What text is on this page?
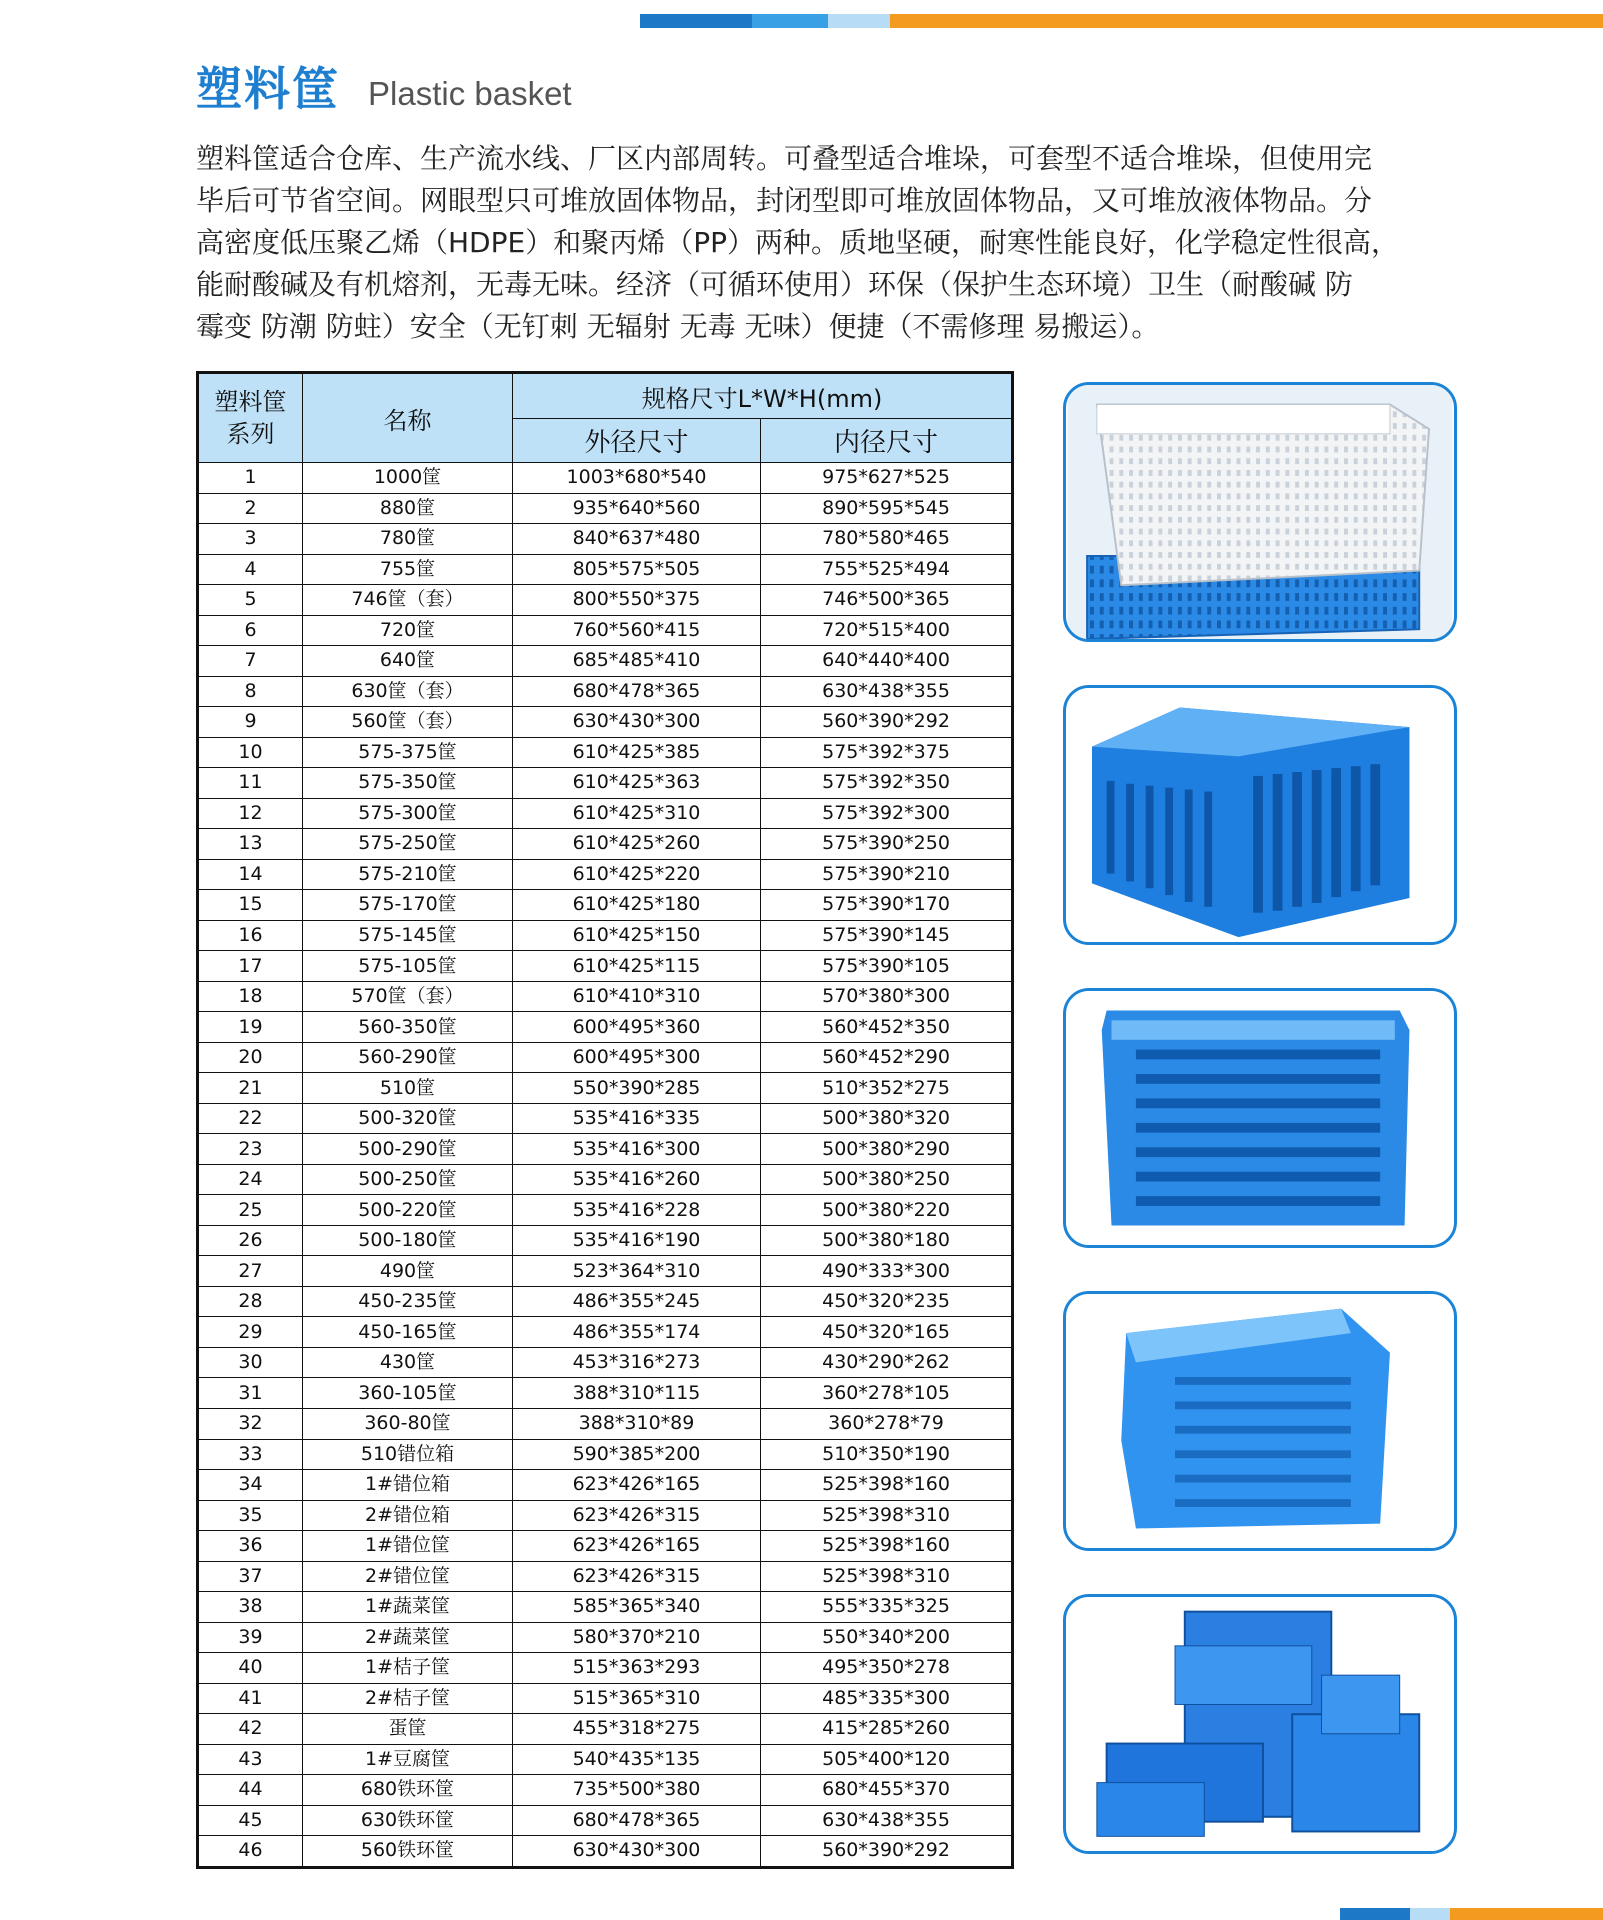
塑料筐 Plastic basket

塑料筐适合仓库、生产流水线、厂区内部周转。可叠型适合堆垛，可套型不适合堆垛，但使用完

毕后可节省空间。网眼型只可堆放固体物品，封闭型即可堆放固体物品，又可堆放液体物品。分

高密度低压聚乙烯（HDPE）和聚丙烯（PP）两种。质地坚硬，耐寒性能良好，化学稳定性很高，

能耐酸碱及有机熔剂，无毒无味。经济（可循环使用）环保（保护生态环境）卫生（耐酸碱 防

霉变 防潮 防蛀）安全（无钉刺 无辐射 无毒 无味）便捷（不需修理 易搬运）。

塑料筐
系列	名称	规格尺寸L*W*H(mm)	
		外径尺寸	内径尺寸
1	1000筐	1003*680*540	975*627*525
2	880筐	935*640*560	890*595*545
3	780筐	840*637*480	780*580*465
4	755筐	805*575*505	755*525*494
5	746筐（套）	800*550*375	746*500*365
6	720筐	760*560*415	720*515*400
7	640筐	685*485*410	640*440*400
8	630筐（套）	680*478*365	630*438*355
9	560筐（套）	630*430*300	560*390*292
10	575-375筐	610*425*385	575*392*375
11	575-350筐	610*425*363	575*392*350
12	575-300筐	610*425*310	575*392*300
13	575-250筐	610*425*260	575*390*250
14	575-210筐	610*425*220	575*390*210
15	575-170筐	610*425*180	575*390*170
16	575-145筐	610*425*150	575*390*145
17	575-105筐	610*425*115	575*390*105
18	570筐（套）	610*410*310	570*380*300
19	560-350筐	600*495*360	560*452*350
20	560-290筐	600*495*300	560*452*290
21	510筐	550*390*285	510*352*275
22	500-320筐	535*416*335	500*380*320
23	500-290筐	535*416*300	500*380*290
24	500-250筐	535*416*260	500*380*250
25	500-220筐	535*416*228	500*380*220
26	500-180筐	535*416*190	500*380*180
27	490筐	523*364*310	490*333*300
28	450-235筐	486*355*245	450*320*235
29	450-165筐	486*355*174	450*320*165
30	430筐	453*316*273	430*290*262
31	360-105筐	388*310*115	360*278*105
32	360-80筐	388*310*89	360*278*79
33	510错位箱	590*385*200	510*350*190
34	1#错位箱	623*426*165	525*398*160
35	2#错位箱	623*426*315	525*398*310
36	1#错位筐	623*426*165	525*398*160
37	2#错位筐	623*426*315	525*398*310
38	1#蔬菜筐	585*365*340	555*335*325
39	2#蔬菜筐	580*370*210	550*340*200
40	1#桔子筐	515*363*293	495*350*278
41	2#桔子筐	515*365*310	485*335*300
42	蛋筐	455*318*275	415*285*260
43	1#豆腐筐	540*435*135	505*400*120
44	680铁环筐	735*500*380	680*455*370
45	630铁环筐	680*478*365	630*438*355
46	560铁环筐	630*430*300	560*390*292
